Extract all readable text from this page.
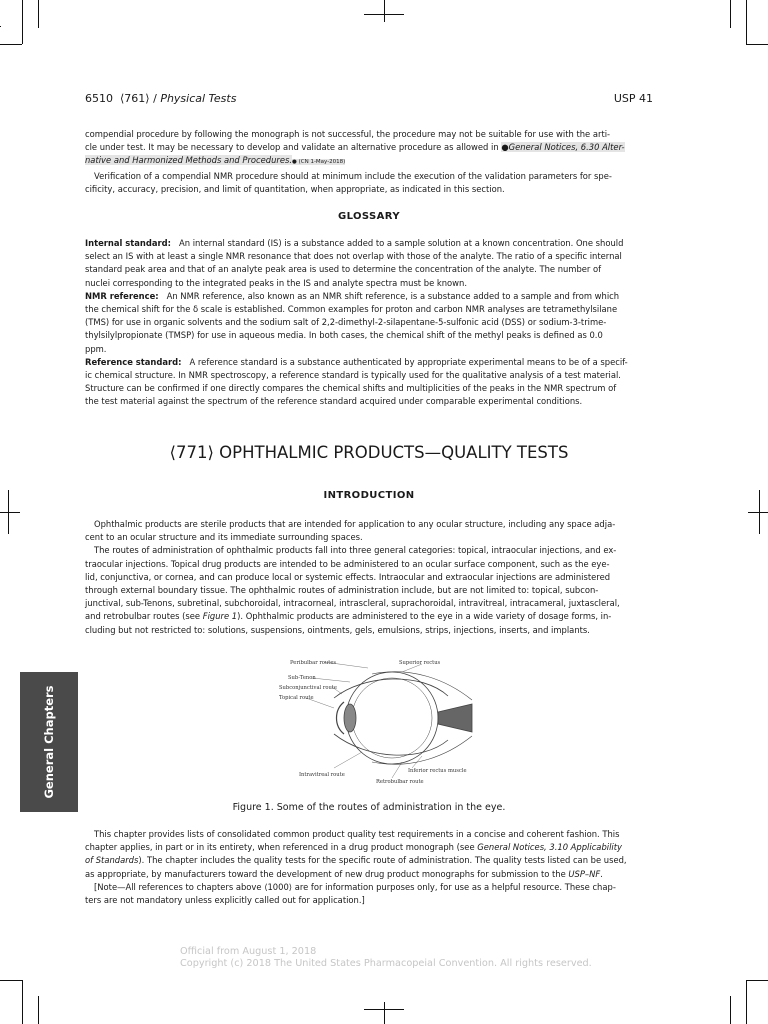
6510 ⟨761⟩ / Physical Tests	USP 41

compendial procedure by following the monograph is not successful, the procedure may not be suitable for use with the arti-

cle under test. It may be necessary to develop and validate an alternative procedure as allowed in ●General Notices, 6.30 Alter-

native and Harmonized Methods and Procedures.● (CN 1-May-2018)

Verification of a compendial NMR procedure should at minimum include the execution of the validation parameters for spe-

cificity, accuracy, precision, and limit of quantitation, when appropriate, as indicated in this section.

GLOSSARY

Internal standard: An internal standard (IS) is a substance added to a sample solution at a known concentration. One should

select an IS with at least a single NMR resonance that does not overlap with those of the analyte. The ratio of a specific internal

standard peak area and that of an analyte peak area is used to determine the concentration of the analyte. The number of

nuclei corresponding to the integrated peaks in the IS and analyte spectra must be known.

NMR reference: An NMR reference, also known as an NMR shift reference, is a substance added to a sample and from which

the chemical shift for the δ scale is established. Common examples for proton and carbon NMR analyses are tetramethylsilane

(TMS) for use in organic solvents and the sodium salt of 2,2-dimethyl-2-silapentane-5-sulfonic acid (DSS) or sodium-3-trime-

thylsilylpropionate (TMSP) for use in aqueous media. In both cases, the chemical shift of the methyl peaks is defined as 0.0

ppm.

Reference standard: A reference standard is a substance authenticated by appropriate experimental means to be of a specif-

ic chemical structure. In NMR spectroscopy, a reference standard is typically used for the qualitative analysis of a test material.

Structure can be confirmed if one directly compares the chemical shifts and multiplicities of the peaks in the NMR spectrum of

the test material against the spectrum of the reference standard acquired under comparable experimental conditions.

⟨771⟩ OPHTHALMIC PRODUCTS—QUALITY TESTS
INTRODUCTION

Ophthalmic products are sterile products that are intended for application to any ocular structure, including any space adja-

cent to an ocular structure and its immediate surrounding spaces.

The routes of administration of ophthalmic products fall into three general categories: topical, intraocular injections, and ex-

traocular injections. Topical drug products are intended to be administered to an ocular surface component, such as the eye-

lid, conjunctiva, or cornea, and can produce local or systemic effects. Intraocular and extraocular injections are administered

through external boundary tissue. The ophthalmic routes of administration include, but are not limited to: topical, subcon-

junctival, sub-Tenons, subretinal, subchoroidal, intracorneal, intrascleral, suprachoroidal, intravitreal, intracameral, juxtascleral,

and retrobulbar routes (see Figure 1). Ophthalmic products are administered to the eye in a wide variety of dosage forms, in-

cluding but not restricted to: solutions, suspensions, ointments, gels, emulsions, strips, injections, inserts, and implants.

General Chapters
Peribulbar routes	Superior rectus
Sub-Tenon
Subconjunctival route
Topical route
Intravitreal route
Inferior rectus muscle
Retrobulbar route
Figure 1. Some of the routes of administration in the eye.

This chapter provides lists of consolidated common product quality test requirements in a concise and coherent fashion. This

chapter applies, in part or in its entirety, when referenced in a drug product monograph (see General Notices, 3.10 Applicability

of Standards). The chapter includes the quality tests for the specific route of administration. The quality tests listed can be used,

as appropriate, by manufacturers toward the development of new drug product monographs for submission to the USP–NF.

[Note—All references to chapters above ⟨1000⟩ are for information purposes only, for use as a helpful resource. These chap-

ters are not mandatory unless explicitly called out for application.]

Official from August 1, 2018
Copyright (c) 2018 The United States Pharmacopeial Convention. All rights reserved.
